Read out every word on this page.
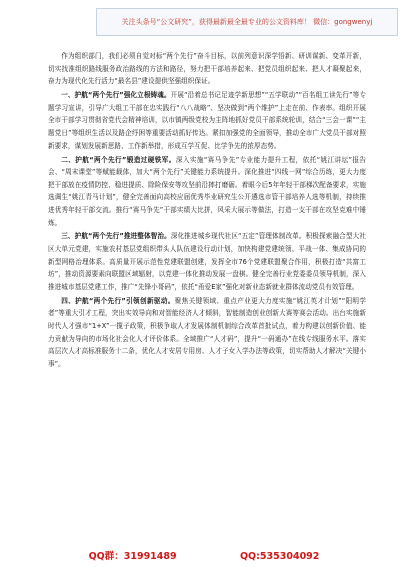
关注头条号“公文研究”，获得最新最全最专业的公文资料库！ 微信：gongwenyj

作为组织部门，我们必须自觉对标“两个先行”奋斗目标，以前列意识深学悟新、研训谋新、变革开新，切实找准组织路线服务政治路线的方法和路径，努力把干部培养起来、把党员组织起来、把人才凝聚起来，奋力为现代化先行活力“最名县”建设提供坚强组织保证。

一、护航“两个先行”强化立根铸魂。开展“沿着总书记足迹学新思想”“五学联动”“百名组工读先行”等专题学习宣讲，引导广大组工干部在忠实践行“八八战略”、坚决做到“两个维护”上走在前、作表率。组织开展全市干部学习贯彻省党代会精神培训，以市镇两级党校为主阵地抓好党员干部系统轮训，结合“三会一课”“主题党日”等组织生活以及路企纾困等重要活动抓好传达。紧扣加强党的全面领导，推动全市广大党员干部对照新要求，谋划发展新思路、工作新举措，形成互学互促、比学争先的浓厚态势。

二、护航“两个先行”锻造过硬铁军。深入实施“赛马争先”专业能力提升工程，依托“姚江讲坛”报告会、“周末课堂”等赋能载体，加大“两个先行”关键能力系统提升。深化推进“四线一网”综合历练，更大力度把干部放在疫情防控、稳进提质、除险保安等攻坚前沿摔打磨砺。着眼今后5年年轻干部梯次配备要求，实施选调生“姚江青马计划”，健全完善面向高校应届优秀毕业研究生公开遴选市管干部培养人选等机制，持续推进优秀年轻干部交流。推行“赛马争先”干部实绩大比拼，风采大展示等做法，打造一支干部在攻坚克难中锤炼。

三、护航“两个先行”推进整体智治。深化推进城乡现代社区“五定”管理体制改革。积极探索融合型大社区大单元党建，实施农村基层党组织带头人队伍建设行动计划，加快构建党建统领、平战一体、集成协同的新型网格治理体系。高质量开展示范性党建联盟创建，发挥全市76个党建联盟聚合作用，积极打造“共富工坊”，推动资源要素向联盟区域辐射，以党建一体化推动发展一盘棋。健全完善行业党委委员领导机制，深入推进城市基层党建工作，推广“先锋小哥码”，依托“甬爱E家”强化对新业态新就业群体流动党员有效管理。

四、护航“两个先行”引领创新驱动。聚焦关键领域、重点产业更大力度实施“姚江英才计划”“阳明学者”等重大引才工程，突出实效导向和对智能经济人才倾斜，智能制造创业创新大赛等赛会活动。出台实施新时代人才强市“1+X”一揽子政策，积极争取人才发展体制机制综合改革首批试点，着力构建以创新价值、能力贡献为导向的市场化社会化人才评价体系。全域推广“人才码”，提升“一码通办”在线专线服务水平。落实高层次人才高标准服务十二条，优化人才安居专用房、人才子女入学办法等政策，切实帮助人才解决“关键小事”。

QQ群：31991489	QQ:535304092
